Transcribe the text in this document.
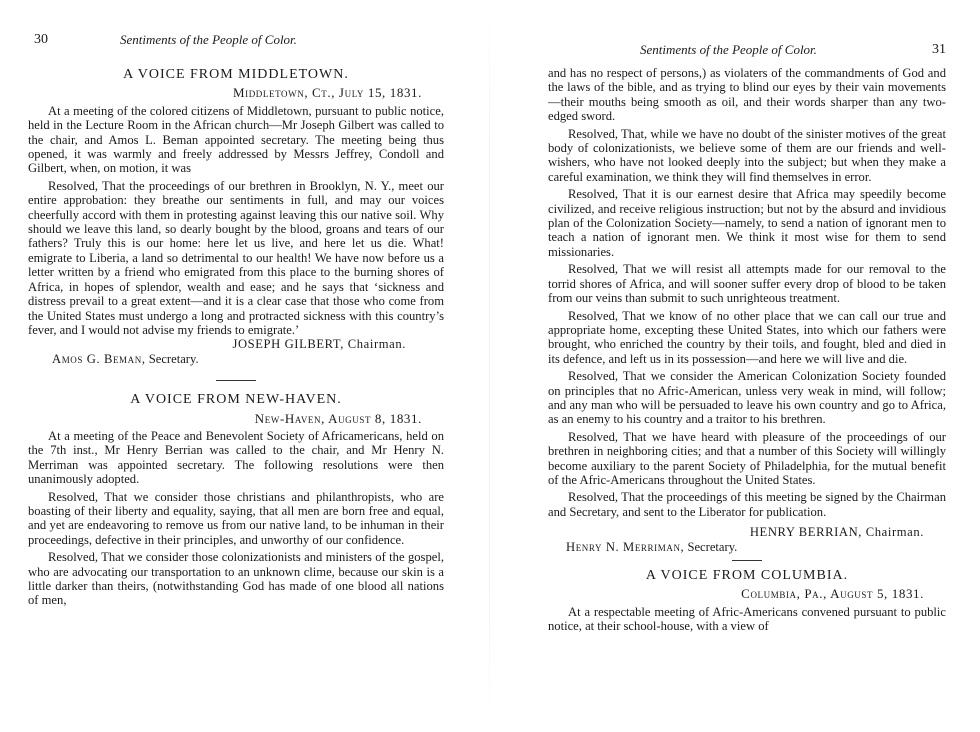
30	Sentiments of the People of Color.
A VOICE FROM MIDDLETOWN.
Middletown, Ct., July 15, 1831.

At a meeting of the colored citizens of Middletown, pursuant to public notice, held in the Lecture Room in the African church—Mr Joseph Gilbert was called to the chair, and Amos L. Beman appointed secretary. The meeting being thus opened, it was warmly and freely addressed by Messrs Jeffrey, Condoll and Gilbert, when, on motion, it was

Resolved, That the proceedings of our brethren in Brooklyn, N. Y., meet our entire approbation: they breathe our sentiments in full, and may our voices cheerfully accord with them in protesting against leaving this our native soil. Why should we leave this land, so dearly bought by the blood, groans and tears of our fathers? Truly this is our home: here let us live, and here let us die. What! emigrate to Liberia, a land so detrimental to our health! We have now before us a letter written by a friend who emigrated from this place to the burning shores of Africa, in hopes of splendor, wealth and ease; and he says that ‘sickness and distress prevail to a great extent—and it is a clear case that those who come from the United States must undergo a long and protracted sickness with this country’s fever, and I would not advise my friends to emigrate.’

JOSEPH GILBERT, Chairman.
Amos G. Beman, Secretary.
A VOICE FROM NEW-HAVEN.
New-Haven, August 8, 1831.

At a meeting of the Peace and Benevolent Society of Africamericans, held on the 7th inst., Mr Henry Berrian was called to the chair, and Mr Henry N. Merriman was appointed secretary. The following resolutions were then unanimously adopted.

Resolved, That we consider those christians and philanthropists, who are boasting of their liberty and equality, saying, that all men are born free and equal, and yet are endeavoring to remove us from our native land, to be inhuman in their proceedings, defective in their principles, and unworthy of our confidence.

Resolved, That we consider those colonizationists and ministers of the gospel, who are advocating our transportation to an unknown clime, because our skin is a little darker than theirs, (notwithstanding God has made of one blood all nations of men,

Sentiments of the People of Color.	31

and has no respect of persons,) as violaters of the commandments of God and the laws of the bible, and as trying to blind our eyes by their vain movements—their mouths being smooth as oil, and their words sharper than any two-edged sword.

Resolved, That, while we have no doubt of the sinister motives of the great body of colonizationists, we believe some of them are our friends and well-wishers, who have not looked deeply into the subject; but when they make a careful examination, we think they will find themselves in error.

Resolved, That it is our earnest desire that Africa may speedily become civilized, and receive religious instruction; but not by the absurd and invidious plan of the Colonization Society—namely, to send a nation of ignorant men to teach a nation of ignorant men. We think it most wise for them to send missionaries.

Resolved, That we will resist all attempts made for our removal to the torrid shores of Africa, and will sooner suffer every drop of blood to be taken from our veins than submit to such unrighteous treatment.

Resolved, That we know of no other place that we can call our true and appropriate home, excepting these United States, into which our fathers were brought, who enriched the country by their toils, and fought, bled and died in its defence, and left us in its possession—and here we will live and die.

Resolved, That we consider the American Colonization Society founded on principles that no Afric-American, unless very weak in mind, will follow; and any man who will be persuaded to leave his own country and go to Africa, as an enemy to his country and a traitor to his brethren.

Resolved, That we have heard with pleasure of the proceedings of our brethren in neighboring cities; and that a number of this Society will willingly become auxiliary to the parent Society of Philadelphia, for the mutual benefit of the Afric-Americans throughout the United States.

Resolved, That the proceedings of this meeting be signed by the Chairman and Secretary, and sent to the Liberator for publication.

HENRY BERRIAN, Chairman.
Henry N. Merriman, Secretary.
A VOICE FROM COLUMBIA.
Columbia, Pa., August 5, 1831.

At a respectable meeting of Afric-Americans convened pursuant to public notice, at their school-house, with a view of
